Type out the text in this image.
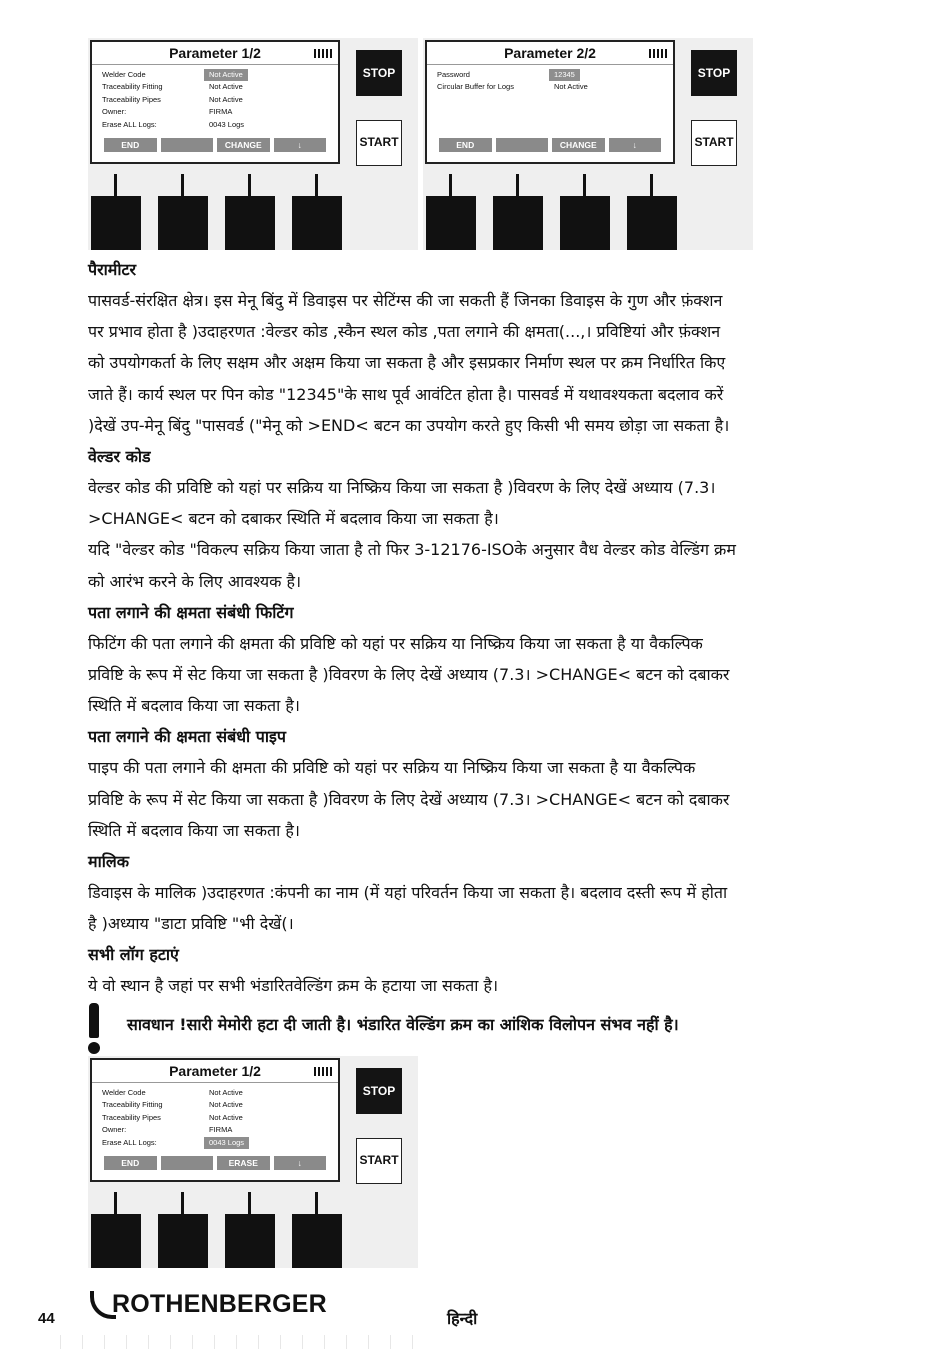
Parameter 1/2
Welder Code	Not Active
Traceability Fitting	Not Active
Traceability Pipes	Not Active
Owner:	FIRMA
Erase ALL Logs:	0043 Logs
END	CHANGE	↓
STOP
START
Parameter 2/2
Password	12345
Circular Buffer for Logs	Not Active
END	CHANGE	↓
STOP
START
पैरामीटर

पासवर्ड-संरक्षित क्षेत्र। इस मेनू बिंदु में डिवाइस पर सेटिंग्स की जा सकती हैं जिनका डिवाइस के गुण और फ़ंक्शन

पर प्रभाव होता है )उदाहरणत :वेल्डर कोड ,स्कैन स्थल कोड ,पता लगाने की क्षमता(...,। प्रविष्टियां और फ़ंक्शन

को उपयोगकर्ता के लिए सक्षम और अक्षम किया जा सकता है और इसप्रकार निर्माण स्थल पर क्रम निर्धारित किए

जाते हैं। कार्य स्थल पर पिन कोड "12345"के साथ पूर्व आवंटित होता है। पासवर्ड में यथावश्यकता बदलाव करें

)देखें उप-मेनू बिंदु "पासवर्ड ("मेनू को >END< बटन का उपयोग करते हुए किसी भी समय छोड़ा जा सकता है।

वेल्डर कोड

वेल्डर कोड की प्रविष्टि को यहां पर सक्रिय या निष्क्रिय किया जा सकता है )विवरण के लिए देखें अध्याय (7.3।

>CHANGE< बटन को दबाकर स्थिति में बदलाव किया जा सकता है।

यदि "वेल्डर कोड "विकल्प सक्रिय किया जाता है तो फिर 3-12176-ISOके अनुसार वैध वेल्डर कोड वेल्डिंग क्रम

को आरंभ करने के लिए आवश्यक है।

पता लगाने की क्षमता संबंधी फिटिंग

फिटिंग की पता लगाने की क्षमता की प्रविष्टि को यहां पर सक्रिय या निष्क्रिय किया जा सकता है या वैकल्पिक

प्रविष्टि के रूप में सेट किया जा सकता है )विवरण के लिए देखें अध्याय (7.3। >CHANGE< बटन को दबाकर

स्थिति में बदलाव किया जा सकता है।

पता लगाने की क्षमता संबंधी पाइप

पाइप की पता लगाने की क्षमता की प्रविष्टि को यहां पर सक्रिय या निष्क्रिय किया जा सकता है या वैकल्पिक

प्रविष्टि के रूप में सेट किया जा सकता है )विवरण के लिए देखें अध्याय (7.3। >CHANGE< बटन को दबाकर

स्थिति में बदलाव किया जा सकता है।

मालिक

डिवाइस के मालिक )उदाहरणत :कंपनी का नाम (में यहां परिवर्तन किया जा सकता है। बदलाव दस्ती रूप में होता

है )अध्याय "डाटा प्रविष्टि "भी देखें(।

सभी लॉग हटाएं

ये वो स्थान है जहां पर सभी भंडारितवेल्डिंग क्रम के हटाया जा सकता है।

सावधान !सारी मेमोरी हटा दी जाती है। भंडारित वेल्डिंग क्रम का आंशिक विलोपन संभव नहीं है।
Parameter 1/2
Welder Code	Not Active
Traceability Fitting	Not Active
Traceability Pipes	Not Active
Owner:	FIRMA
Erase ALL Logs:	0043 Logs
END	ERASE	↓
STOP
START
44
ROTHENBERGER
हिन्दी
